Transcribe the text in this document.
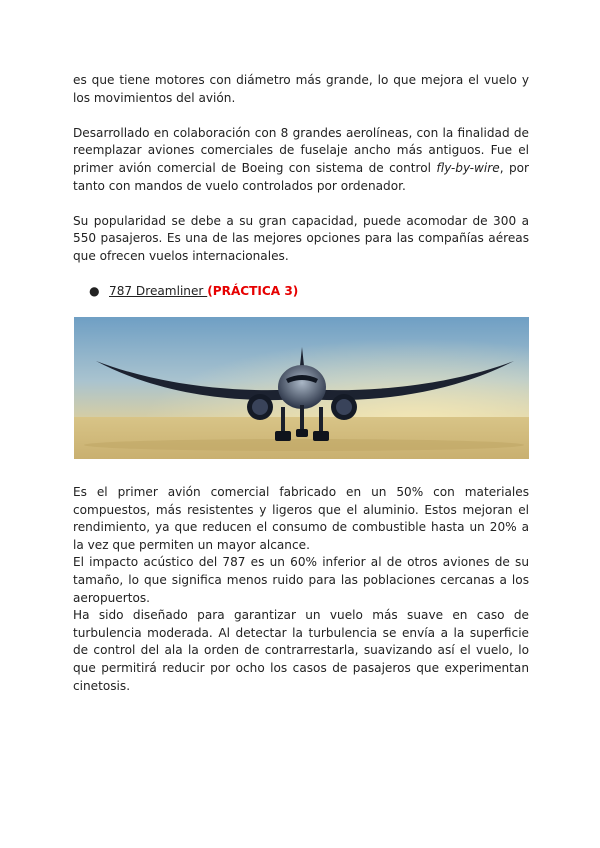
es que tiene motores con diámetro más grande, lo que mejora el vuelo y los movimientos del avión.

Desarrollado en colaboración con 8 grandes aerolíneas, con la finalidad de reemplazar aviones comerciales de fuselaje ancho más antiguos. Fue el primer avión comercial de Boeing con sistema de control fly-by-wire, por tanto con mandos de vuelo controlados por ordenador.

Su popularidad se debe a su gran capacidad, puede acomodar de 300 a 550 pasajeros. Es una de las mejores opciones para las compañías aéreas que ofrecen vuelos internacionales.

● 787 Dreamliner (PRÁCTICA 3)

Es el primer avión comercial fabricado en un 50% con materiales compuestos, más resistentes y ligeros que el aluminio. Estos mejoran el rendimiento, ya que reducen el consumo de combustible hasta un 20% a la vez que permiten un mayor alcance.

El impacto acústico del 787 es un 60% inferior al de otros aviones de su tamaño, lo que significa menos ruido para las poblaciones cercanas a los aeropuertos.

Ha sido diseñado para garantizar un vuelo más suave en caso de turbulencia moderada. Al detectar la turbulencia se envía a la superficie de control del ala la orden de contrarrestarla, suavizando así el vuelo, lo que permitirá reducir por ocho los casos de pasajeros que experimentan cinetosis.
